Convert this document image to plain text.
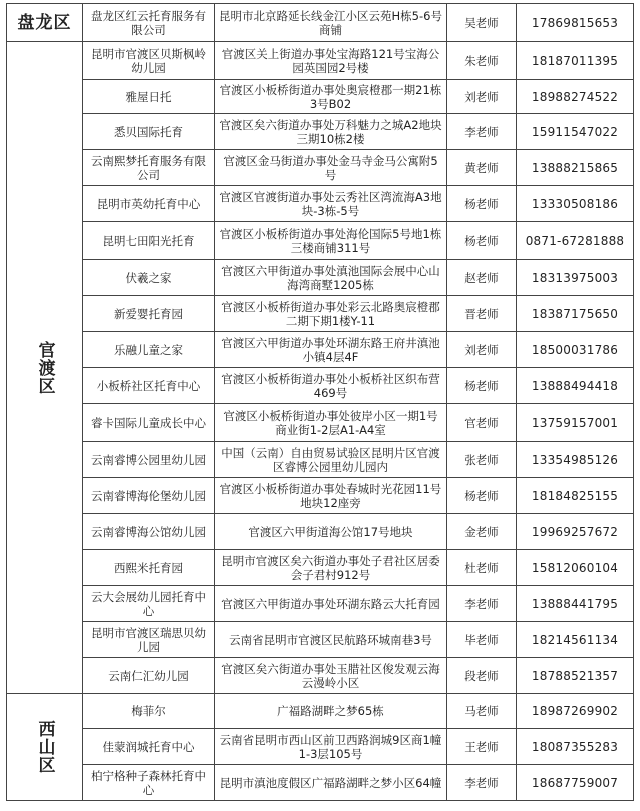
盘龙区	盘龙区红云托育服务有限公司	昆明市北京路延长线金江小区云苑H栋5-6号商铺	吴老师	17869815653
官渡区	昆明市官渡区贝斯枫岭幼儿园	官渡区关上街道办事处宝海路121号宝海公园英国园2号楼	朱老师	18187011395
	雅屋日托	官渡区小板桥街道办事处奥宸橙郡一期21栋3号B02	刘老师	18988274522
	悉贝国际托育	官渡区矣六街道办事处万科魅力之城A2地块三期10栋2楼	李老师	15911547022
	云南熙梦托育服务有限公司	官渡区金马街道办事处金马寺金马公寓附5号	黄老师	13888215865
	昆明市英幼托育中心	官渡区官渡街道办事处云秀社区湾流海A3地块-3栋-5号	杨老师	13330508186
	昆明七田阳光托育	官渡区小板桥街道办事处海伦国际5号地1栋三楼商铺311号	杨老师	0871-67281888
	伏羲之家	官渡区六甲街道办事处滇池国际会展中心山海湾商墅1205栋	赵老师	18313975003
	新爱婴托育园	官渡区小板桥街道办事处彩云北路奥宸橙郡二期下期1楼Y-11	晋老师	18387175650
	乐融儿童之家	官渡区六甲街道办事处环湖东路王府井滇池小镇4层4F	刘老师	18500031786
	小板桥社区托育中心	官渡区小板桥街道办事处小板桥社区织布营469号	杨老师	13888494418
	睿卡国际儿童成长中心	官渡区小板桥街道办事处彼岸小区一期1号商业街1-2层A1-A4室	官老师	13759157001
	云南睿博公园里幼儿园	中国（云南）自由贸易试验区昆明片区官渡区睿博公园里幼儿园内	张老师	13354985126
	云南睿博海伦堡幼儿园	官渡区小板桥街道办事处春城时光花园11号地块12座旁	杨老师	18184825155
	云南睿博海公馆幼儿园	官渡区六甲街道海公馆17号地块	金老师	19969257672
	西熙米托育园	昆明市官渡区矣六街道办事处子君社区居委会子君村912号	杜老师	15812060104
	云大会展幼儿园托育中心	官渡区六甲街道办事处环湖东路云大托育园	李老师	13888441795
	昆明市官渡区瑞思贝幼儿园	云南省昆明市官渡区民航路环城南巷3号	毕老师	18214561134
	云南仁汇幼儿园	官渡区矣六街道办事处玉腊社区俊发观云海云漫岭小区	段老师	18788521357
西山区	梅菲尔	广福路湖畔之梦65栋	马老师	18987269902
	佳蒙润城托育中心	云南省昆明市西山区前卫西路润城9区商1幢1-3层105号	王老师	18087355283
	柏宁格种子森林托育中心	昆明市滇池度假区广福路湖畔之梦小区64幢	李老师	18687759007
